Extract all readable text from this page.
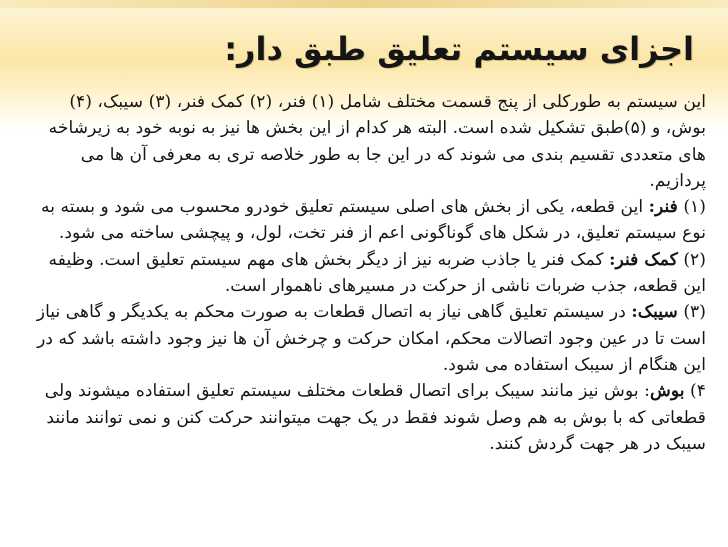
اجزای سیستم تعلیق طبق دار:

این سیستم به طورکلی از پنج قسمت مختلف شامل (۱) فنر، (۲) کمک فنر، (۳) سیبک، (۴) بوش، و (۵)طبق تشکیل شده است. البته هر کدام از این بخش ها نیز به نوبه خود به زیرشاخه های متعددی تقسیم بندی می شوند که در این جا به طور خلاصه تری به معرفی آن ها می پردازیم.

(۱) فنر: این قطعه، یکی از بخش های اصلی سیستم تعلیق خودرو محسوب می شود و بسته به نوع سیستم تعلیق، در شکل های گوناگونی اعم از فنر تخت، لول، و پیچشی ساخته می شود.

(۲) کمک فنر: کمک فنر یا جاذب ضربه نیز از دیگر بخش های مهم سیستم تعلیق است. وظیفه این قطعه، جذب ضربات ناشی از حرکت در مسیرهای ناهموار است.

(۳) سیبک: در سیستم تعلیق گاهی نیاز به اتصال قطعات به صورت محکم به یکدیگر و گاهی نیاز است تا در عین وجود اتصالات محکم، امکان حرکت و چرخش آن ها نیز وجود داشته باشد که در این هنگام از سیبک استفاده می شود.

۴) بوش: بوش نیز مانند سیبک برای اتصال قطعات مختلف سیستم تعلیق استفاده میشوند ولی قطعاتی که با بوش به هم وصل شوند فقط در یک جهت میتوانند حرکت کنن و نمی توانند مانند سیبک در هر جهت گردش کنند.
